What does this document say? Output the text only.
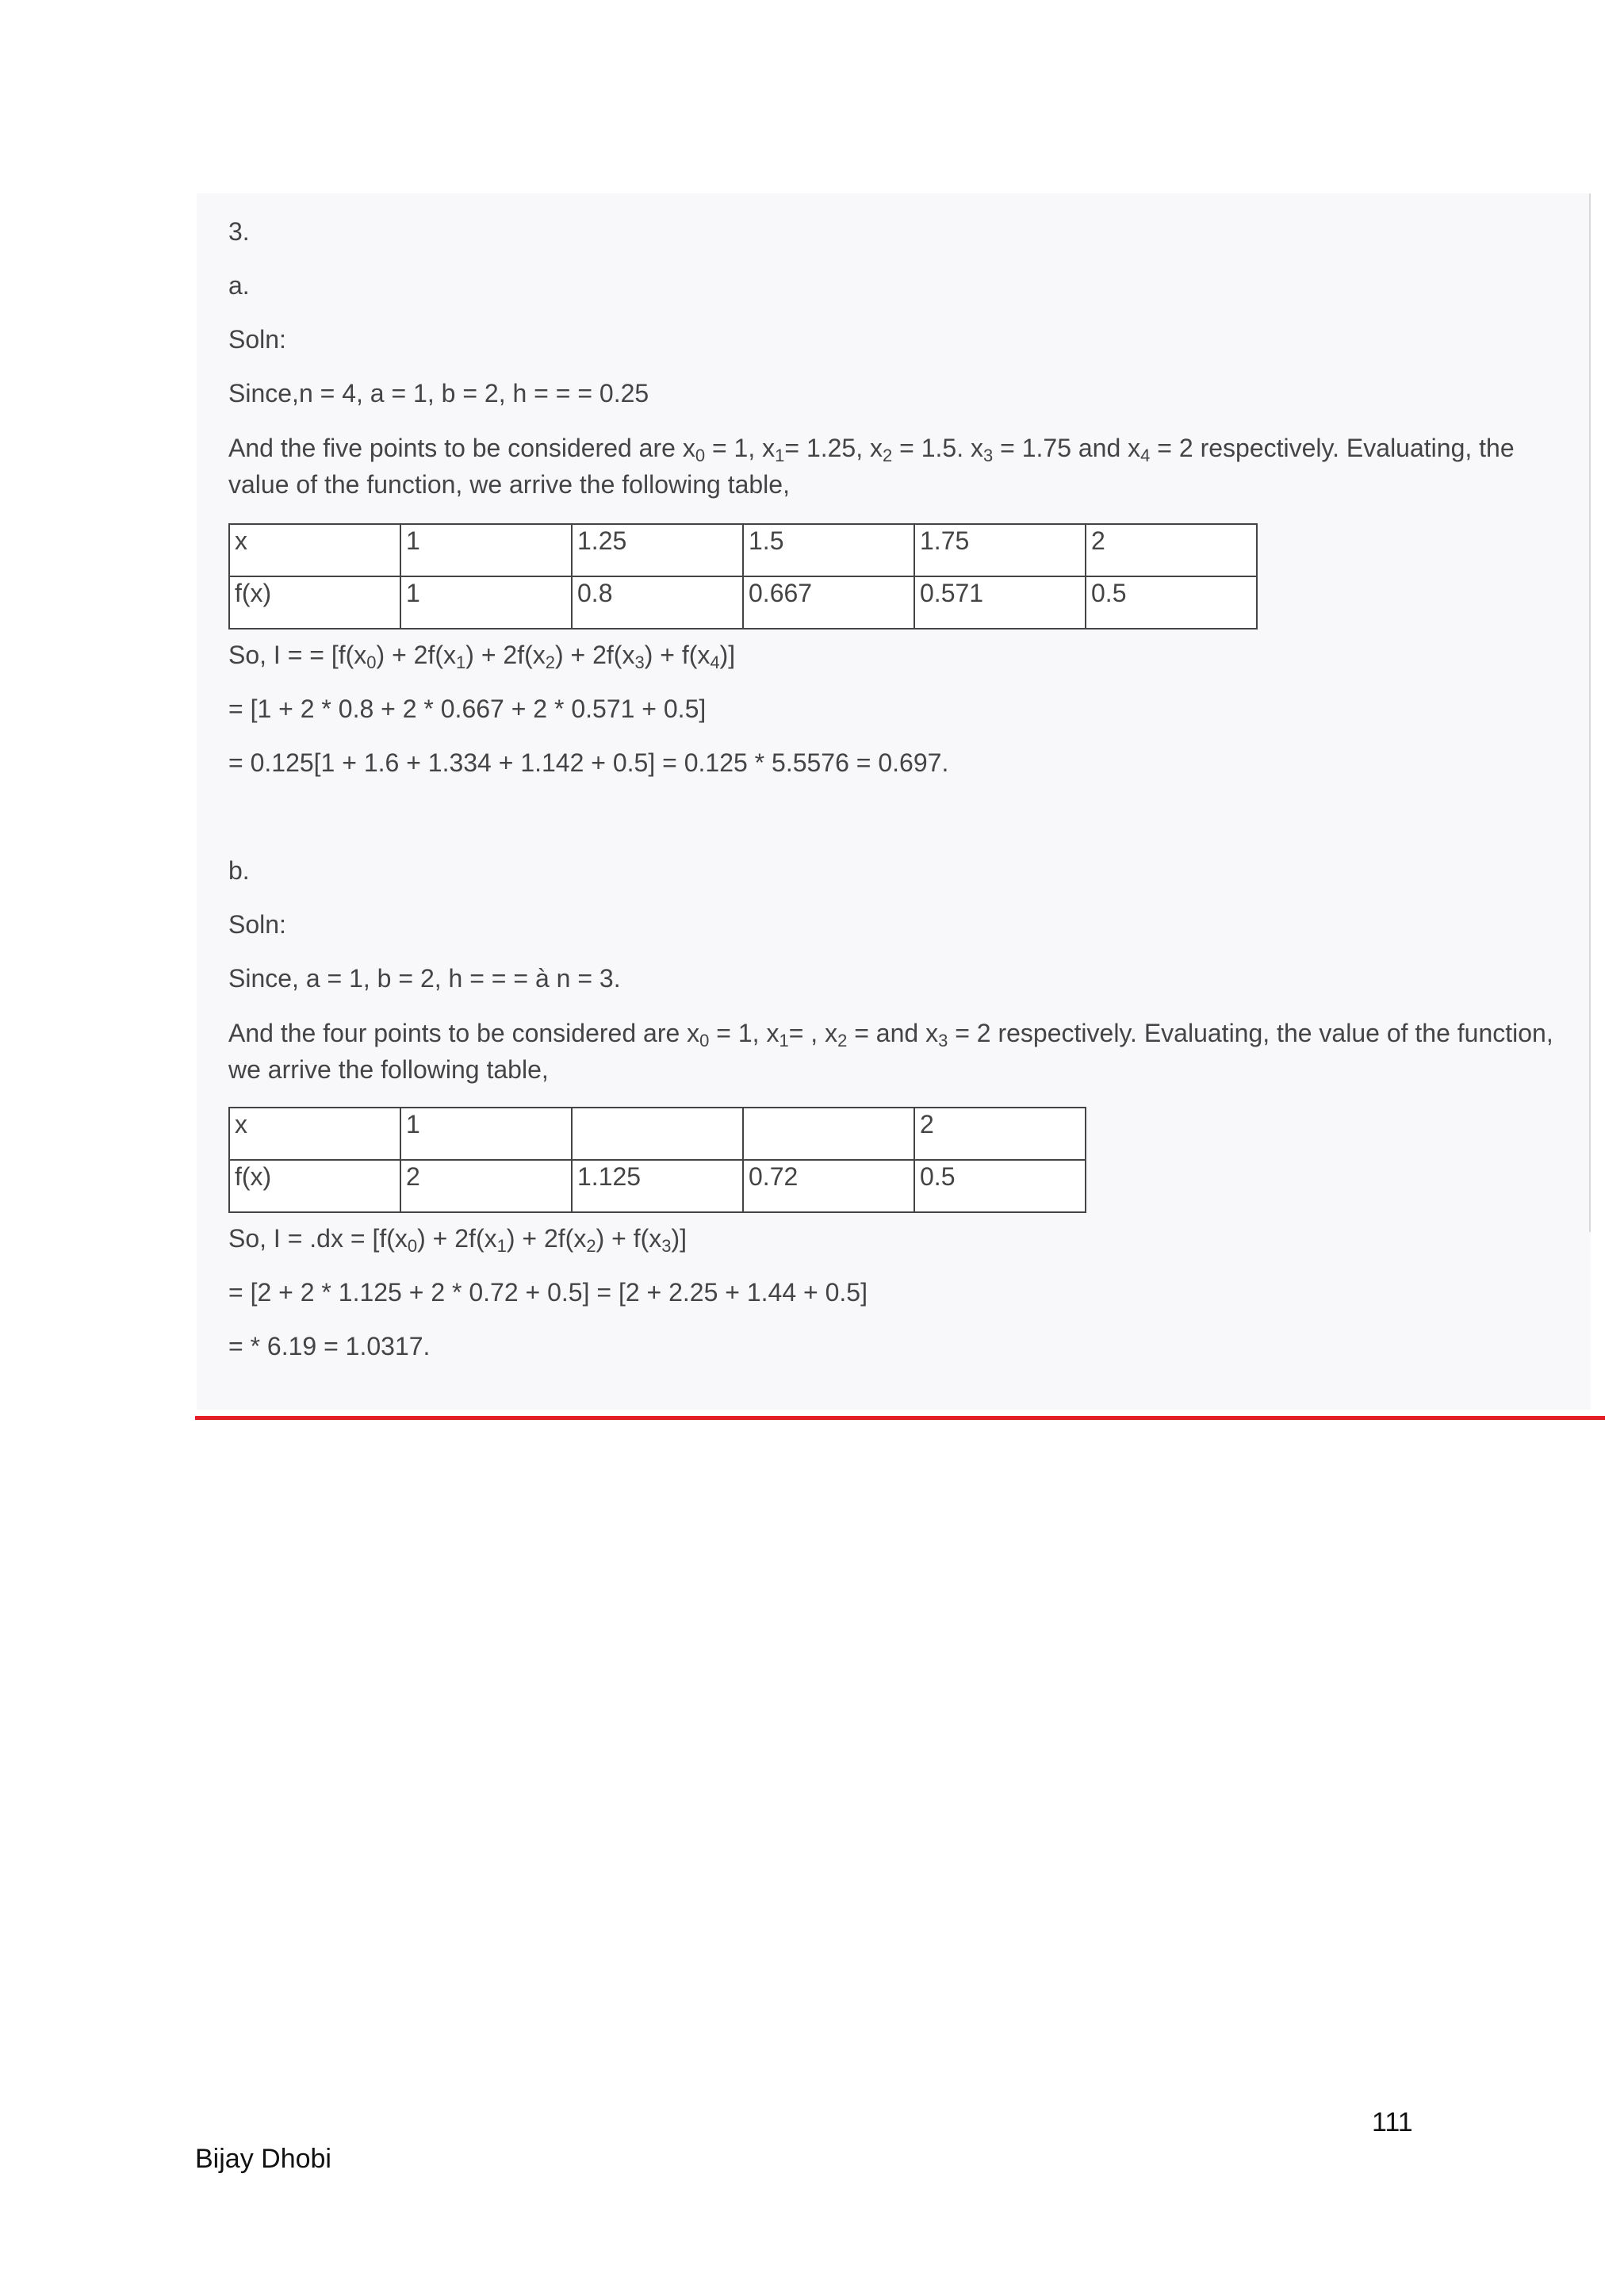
3.
a.
Soln:
Since,n = 4, a = 1, b = 2, h = = = 0.25
And the five points to be considered are $x_0 = 1$, $x_1= 1.25$, $x_2 = 1.5$. $x_3 = 1.75$ and $x_4 = 2$ respectively. Evaluating, the value of the function, we arrive the following table,
x	1	1.25	1.5	1.75	2
f(x)	1	0.8	0.667	0.571	0.5
So, I = = $[f(x_0) + 2f(x_1) + 2f(x_2) + 2f(x_3) + f(x_4)]$
= [1 + 2 * 0.8 + 2 * 0.667 + 2 * 0.571 + 0.5]
= 0.125[1 + 1.6 + 1.334 + 1.142 + 0.5] = 0.125 * 5.5576 = 0.697.
b.
Soln:
Since, a = 1, b = 2, h = = = à n = 3.
And the four points to be considered are $x_0 = 1$, $x_1=$ , $x_2$ = and $x_3 = 2$ respectively. Evaluating, the value of the function, we arrive the following table,
x	1			2
f(x)	2	1.125	0.72	0.5
So, $I = .dx = [f(x_0) + 2f(x_1) + 2f(x_2) + f(x_3)]$
= [2 + 2 * 1.125 + 2 * 0.72 + 0.5] = [2 + 2.25 + 1.44 + 0.5]
= * 6.19 = 1.0317.
111
Bijay Dhobi
